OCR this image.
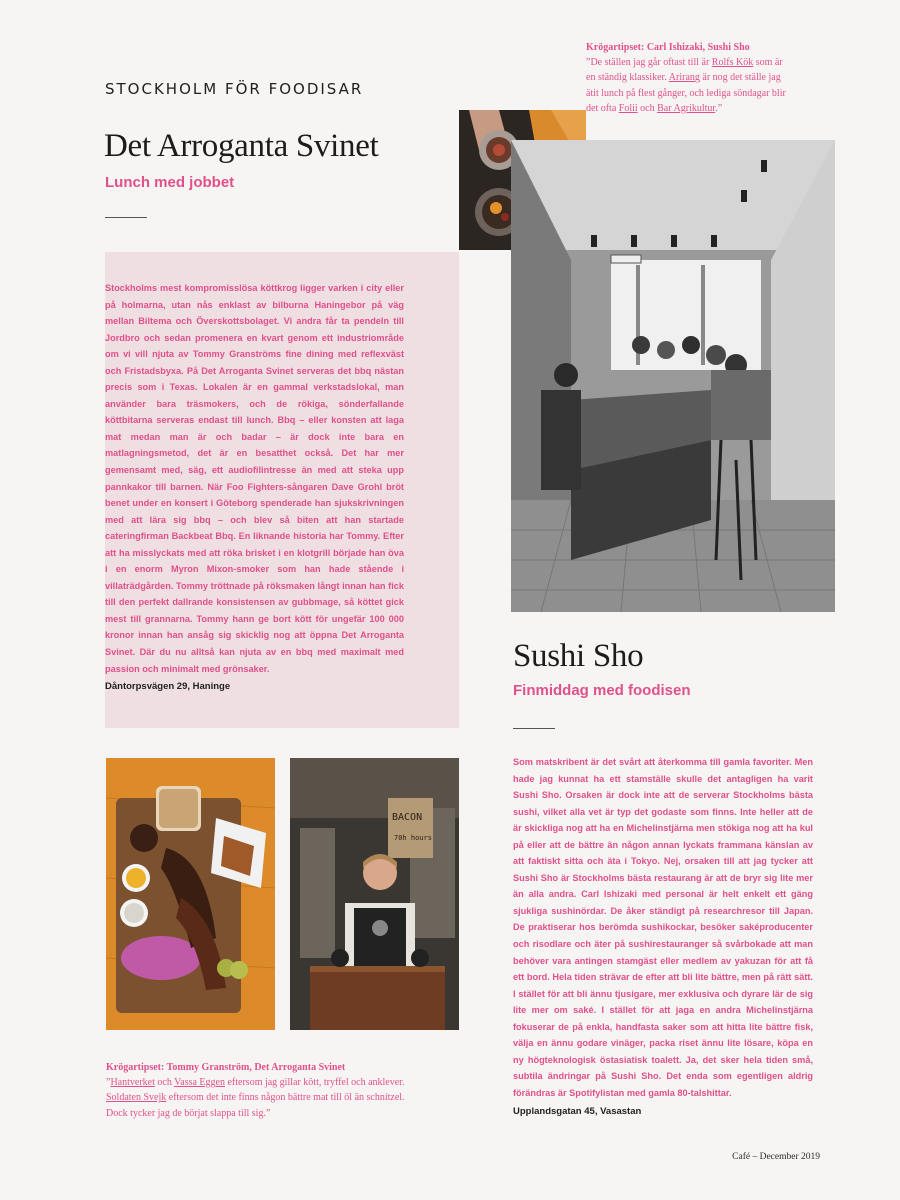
STOCKHOLM FÖR FOODISAR
Det Arroganta Svinet
Lunch med jobbet

Stockholms mest kompromisslösa köttkrog ligger varken i city eller på holmarna, utan nås enklast av bilburna Haningebor på väg mellan Biltema och Överskottsbolaget. Vi andra får ta pendeln till Jordbro och sedan promenera en kvart genom ett industriområde om vi vill njuta av Tommy Granströms fine dining med reflexväst och Fristadsbyxa. På Det Arroganta Svinet serveras det bbq nästan precis som i Texas. Lokalen är en gammal verkstadslokal, man använder bara träsmokers, och de rökiga, sönderfallande köttbitarna serveras endast till lunch. Bbq – eller konsten att laga mat medan man är och badar – är dock inte bara en matlagningsmetod, det är en besatthet också. Det har mer gemensamt med, säg, ett audiofilintresse än med att steka upp pannkakor till barnen. När Foo Fighters-sångaren Dave Grohl bröt benet under en konsert i Göteborg spenderade han sjukskrivningen med att lära sig bbq – och blev så biten att han startade cateringfirman Backbeat Bbq. En liknande historia har Tommy. Efter att ha misslyckats med att röka brisket i en klotgrill började han öva i en enorm Myron Mixon-smoker som han hade stående i villaträdgården. Tommy tröttnade på röksmaken långt innan han fick till den perfekt dallrande konsistensen av gubbmage, så köttet gick mest till grannarna. Tommy hann ge bort kött för ungefär 100 000 kronor innan han ansåg sig skicklig nog att öppna Det Arroganta Svinet. Där du nu alltså kan njuta av en bbq med maximalt med passion och minimalt med grönsaker.

Dåntorpsvägen 29, Haninge
Krögartipset: Carl Ishizaki, Sushi Sho
”De ställen jag går oftast till är Rolfs Kök som är en ständig klassiker. Arirang är nog det ställe jag ätit lunch på flest gånger, och lediga söndagar blir det ofta Folii och Bar Agrikultur.”
Sushi Sho
Finmiddag med foodisen

Som matskribent är det svårt att återkomma till gamla favoriter. Men hade jag kunnat ha ett stamställe skulle det antagligen ha varit Sushi Sho. Orsaken är dock inte att de serverar Stockholms bästa sushi, vilket alla vet är typ det godaste som finns. Inte heller att de är skickliga nog att ha en Michelinstjärna men stökiga nog att ha kul på eller att de bättre än någon annan lyckats frammana känslan av att faktiskt sitta och äta i Tokyo. Nej, orsaken till att jag tycker att Sushi Sho är Stockholms bästa restaurang är att de bryr sig lite mer än alla andra. Carl Ishizaki med personal är helt enkelt ett gäng sjukliga sushinördar. De åker ständigt på researchresor till Japan. De praktiserar hos berömda sushikockar, besöker saképroducenter och risodlare och äter på sushirestauranger så svårbokade att man behöver vara antingen stamgäst eller medlem av yakuzan för att få ett bord. Hela tiden strävar de efter att bli lite bättre, men på rätt sätt. I stället för att bli ännu tjusigare, mer exklusiva och dyrare lär de sig lite mer om saké. I stället för att jaga en andra Michelinstjärna fokuserar de på enkla, handfasta saker som att hitta lite bättre fisk, välja en ännu godare vinäger, packa riset ännu lite lösare, köpa en ny högteknologisk östasiatisk toalett. Ja, det sker hela tiden små, subtila ändringar på Sushi Sho. Det enda som egentligen aldrig förändras är Spotifylistan med gamla 80-talshittar.

Upplandsgatan 45, Vasastan
BACON
70h hours
Krögartipset: Tommy Granström, Det Arroganta Svinet
”Hantverket och Vassa Eggen eftersom jag gillar kött, tryffel och anklever. Soldaten Svejk eftersom det inte finns någon bättre mat till öl än schnitzel. Dock tycker jag de börjat slappa till sig.”
Café – December 2019
